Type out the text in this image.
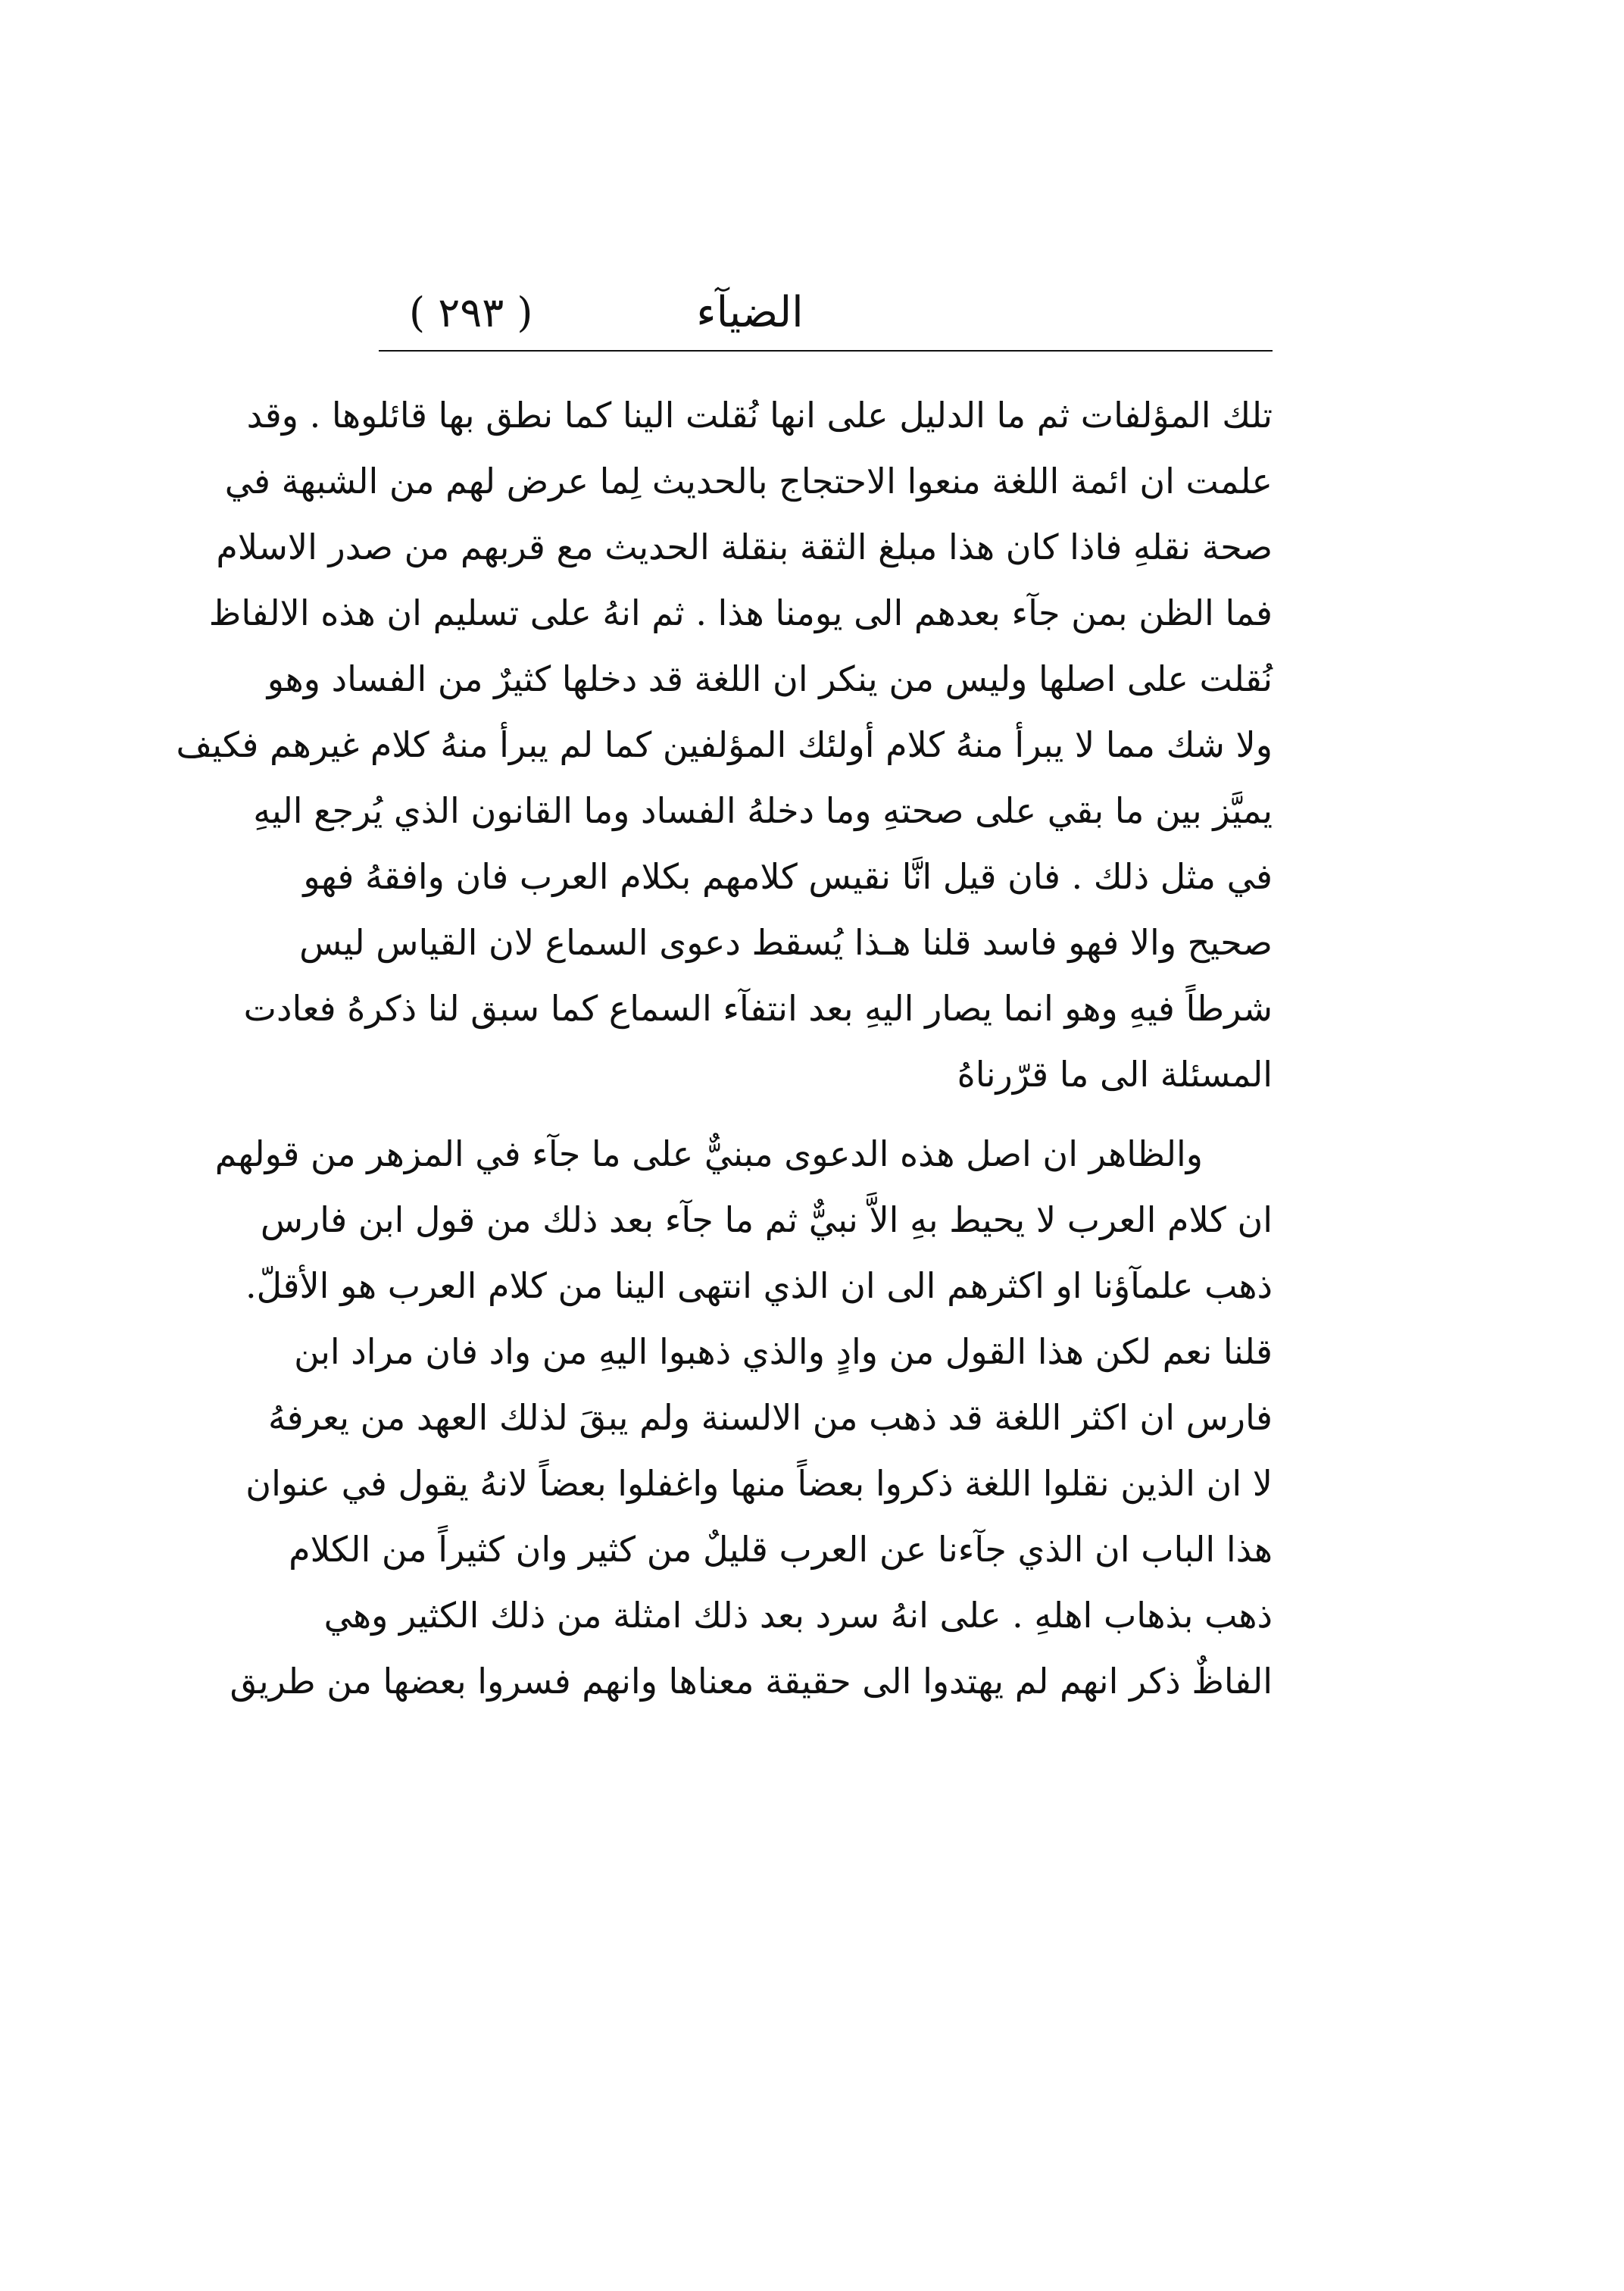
الضيآء
( ٢٩٣ )
تلك المؤلفات ثم ما الدليل على انها نُقلت الينا كما نطق بها قائلوها . وقد
علمت ان ائمة اللغة منعوا الاحتجاج بالحديث لِما عرض لهم من الشبهة في
صحة نقلهِ فاذا كان هذا مبلغ الثقة بنقلة الحديث مع قربهم من صدر الاسلام
فما الظن بمن جآء بعدهم الى يومنا هذا . ثم انهُ على تسليم ان هذه الالفاظ
نُقلت على اصلها وليس من ينكر ان اللغة قد دخلها كثيرٌ من الفساد وهو
ولا شك مما لا يبرأ منهُ كلام أولئك المؤلفين كما لم يبرأ منهُ كلام غيرهم فكيف
يميَّز بين ما بقي على صحتهِ وما دخلهُ الفساد وما القانون الذي يُرجع اليهِ
في مثل ذلك . فان قيل انَّا نقيس كلامهم بكلام العرب فان وافقهُ فهو
صحيح والا فهو فاسد قلنا هـذا يُسقط دعوى السماع لان القياس ليس
شرطاً فيهِ وهو انما يصار اليهِ بعد انتفآء السماع كما سبق لنا ذكرهُ فعادت
المسئلة الى ما قرّرناهُ
والظاهر ان اصل هذه الدعوى مبنيٌّ على ما جآء في المزهر من قولهم
ان كلام العرب لا يحيط بهِ الاَّ نبيٌّ ثم ما جآء بعد ذلك من قول ابن فارس
ذهب علمآؤنا او اكثرهم الى ان الذي انتهى الينا من كلام العرب هو الأقلّ.
قلنا نعم لكن هذا القول من وادٍ والذي ذهبوا اليهِ من واد فان مراد ابن
فارس ان اكثر اللغة قد ذهب من الالسنة ولم يبقَ لذلك العهد من يعرفهُ
لا ان الذين نقلوا اللغة ذكروا بعضاً منها واغفلوا بعضاً لانهُ يقول في عنوان
هذا الباب ان الذي جآءنا عن العرب قليلٌ من كثير وان كثيراً من الكلام
ذهب بذهاب اهلهِ . على انهُ سرد بعد ذلك امثلة من ذلك الكثير وهي
الفاظٌ ذكر انهم لم يهتدوا الى حقيقة معناها وانهم فسروا بعضها من طريق
